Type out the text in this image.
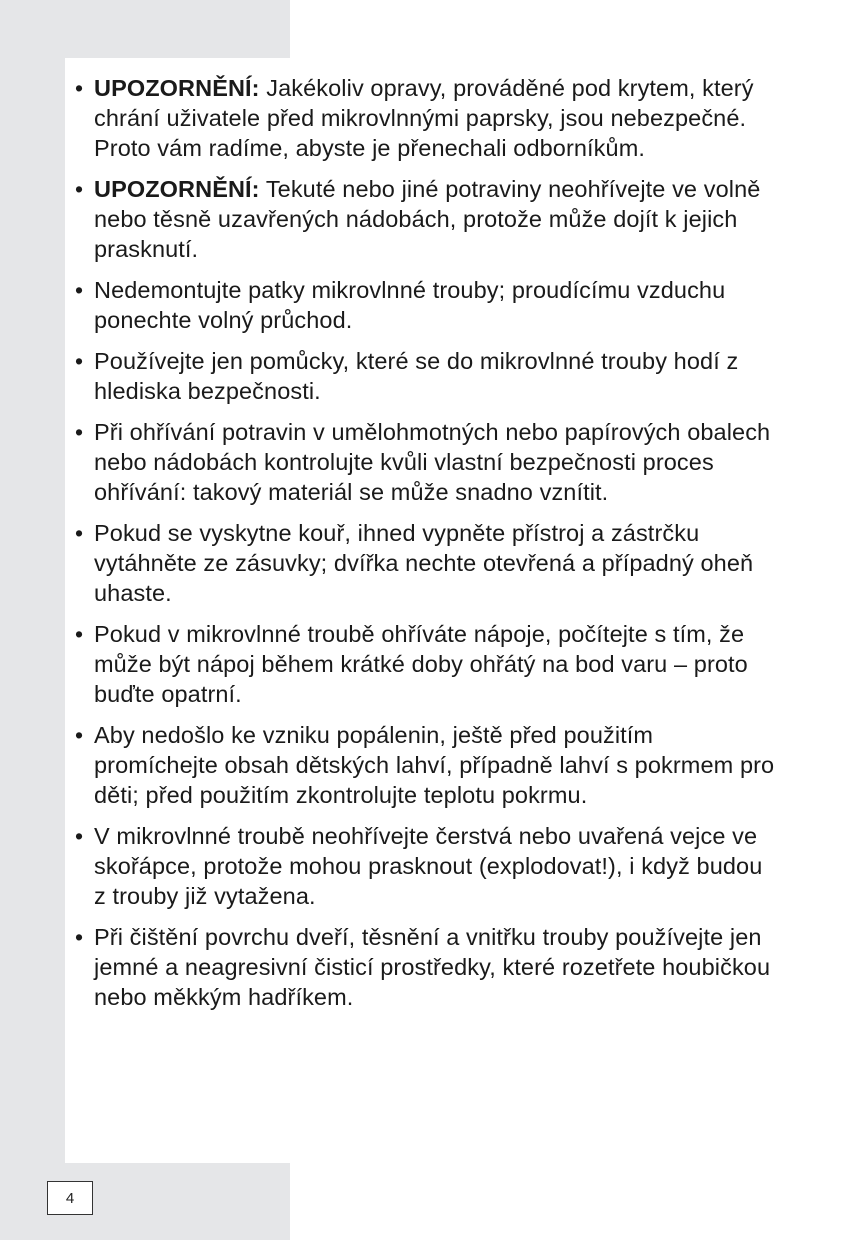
• UPOZORNĚNÍ: Jakékoliv opravy, prováděné pod krytem, který chrání uživatele před mikrovlnnými paprsky, jsou nebezpečné. Proto vám radíme, abyste je přenechali odborníkům.
• UPOZORNĚNÍ: Tekuté nebo jiné potraviny neohřívejte ve volně nebo těsně uzavřených nádobách, protože může dojít k jejich prasknutí.
• Nedemontujte patky mikrovlnné trouby; proudícímu vzduchu ponechte volný průchod.
• Používejte jen pomůcky, které se do mikrovlnné trouby hodí z hlediska bezpečnosti.
• Při ohřívání potravin v umělohmotných nebo papírových obalech nebo nádobách kontrolujte kvůli vlastní bezpečnosti proces ohřívání: takový materiál se může snadno vznítit.
• Pokud se vyskytne kouř, ihned vypněte přístroj a zástrčku vytáhněte ze zásuvky; dvířka nechte otevřená a případný oheň uhaste.
• Pokud v mikrovlnné troubě ohříváte nápoje, počítejte s tím, že může být nápoj během krátké doby ohřátý na bod varu – proto buďte opatrní.
• Aby nedošlo ke vzniku popálenin, ještě před použitím promíchejte obsah dětských lahví, případně lahví s pokrmem pro děti; před použitím zkontrolujte teplotu pokrmu.
• V mikrovlnné troubě neohřívejte čerstvá nebo uvařená vejce ve skořápce, protože mohou prasknout (explodovat!), i když budou z trouby již vytažena.
• Při čištění povrchu dveří, těsnění a vnitřku trouby používejte jen jemné a neagresivní čisticí prostředky, které rozetřete houbičkou nebo měkkým hadříkem.
4
